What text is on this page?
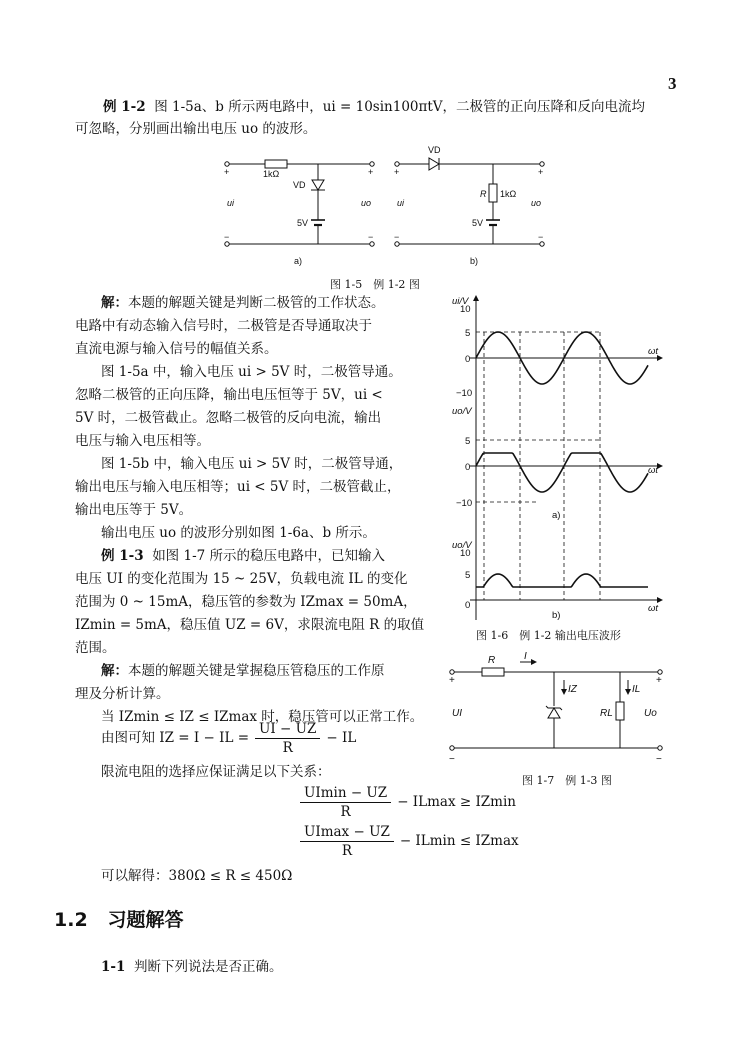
3
例 1-2 图 1-5a、b 所示两电路中，ui = 10sin100πtV，二极管的正向压降和反向电流均
可忽略，分别画出输出电压 uo 的波形。
1kΩ
VD
5V
+	+
−	−
ui	uo
a)
VD
R 1kΩ
5V
+	+
−	−
ui	uo
b)
图 1-5　例 1-2 图
解：本题的解题关键是判断二极管的工作状态。
电路中有动态输入信号时，二极管是否导通取决于
直流电源与输入信号的幅值关系。
图 1-5a 中，输入电压 ui > 5V 时，二极管导通。
忽略二极管的正向压降，输出电压恒等于 5V，ui <
5V 时，二极管截止。忽略二极管的反向电流，输出
电压与输入电压相等。
图 1-5b 中，输入电压 ui > 5V 时，二极管导通，
输出电压与输入电压相等；ui < 5V 时，二极管截止，
输出电压等于 5V。
输出电压 uo 的波形分别如图 1-6a、b 所示。
例 1-3 如图 1-7 所示的稳压电路中，已知输入
电压 UI 的变化范围为 15 ~ 25V，负载电流 IL 的变化
范围为 0 ~ 15mA，稳压管的参数为 IZmax = 50mA，
IZmin = 5mA，稳压值 UZ = 6V，求限流电阻 R 的取值
范围。
解：本题的解题关键是掌握稳压管稳压的工作原
理及分析计算。
当 IZmin ≤ IZ ≤ IZmax 时，稳压管可以正常工作。
由图可知 IZ = I − IL = $\frac{UI - UZ}{R}$ − IL
限流电阻的选择应保证满足以下关系：
$\frac{UImin - UZ}{R} - ILmax \ge IZmin$
$\frac{UImax - UZ}{R} - ILmin \le IZmax$
可以解得：380Ω ≤ R ≤ 450Ω
ui/V
10
5
0
−10
ωt
uo/V
5
0
−10
ωt
a)
uo/V
10
5
0	ωt
b)
图 1-6　例 1-2 输出电压波形
R	I
IZ	IL
RL
UI	Uo
+	+
−	−
图 1-7　例 1-3 图
1.2 习题解答
1-1 判断下列说法是否正确。
